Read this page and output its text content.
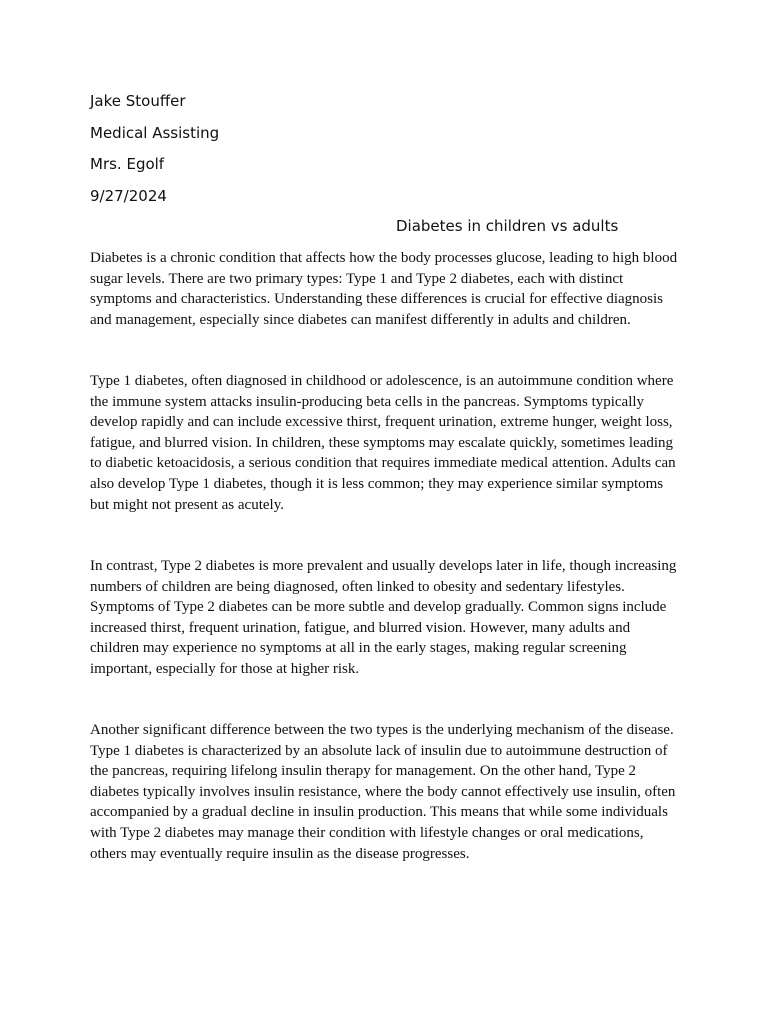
Jake Stouffer
Medical Assisting
Mrs. Egolf
9/27/2024
Diabetes in children vs adults

Diabetes is a chronic condition that affects how the body processes glucose, leading to high blood sugar levels. There are two primary types: Type 1 and Type 2 diabetes, each with distinct symptoms and characteristics. Understanding these differences is crucial for effective diagnosis and management, especially since diabetes can manifest differently in adults and children.

Type 1 diabetes, often diagnosed in childhood or adolescence, is an autoimmune condition where the immune system attacks insulin-producing beta cells in the pancreas. Symptoms typically develop rapidly and can include excessive thirst, frequent urination, extreme hunger, weight loss, fatigue, and blurred vision. In children, these symptoms may escalate quickly, sometimes leading to diabetic ketoacidosis, a serious condition that requires immediate medical attention. Adults can also develop Type 1 diabetes, though it is less common; they may experience similar symptoms but might not present as acutely.

In contrast, Type 2 diabetes is more prevalent and usually develops later in life, though increasing numbers of children are being diagnosed, often linked to obesity and sedentary lifestyles. Symptoms of Type 2 diabetes can be more subtle and develop gradually. Common signs include increased thirst, frequent urination, fatigue, and blurred vision. However, many adults and children may experience no symptoms at all in the early stages, making regular screening important, especially for those at higher risk.

Another significant difference between the two types is the underlying mechanism of the disease. Type 1 diabetes is characterized by an absolute lack of insulin due to autoimmune destruction of the pancreas, requiring lifelong insulin therapy for management. On the other hand, Type 2 diabetes typically involves insulin resistance, where the body cannot effectively use insulin, often accompanied by a gradual decline in insulin production. This means that while some individuals with Type 2 diabetes may manage their condition with lifestyle changes or oral medications, others may eventually require insulin as the disease progresses.
